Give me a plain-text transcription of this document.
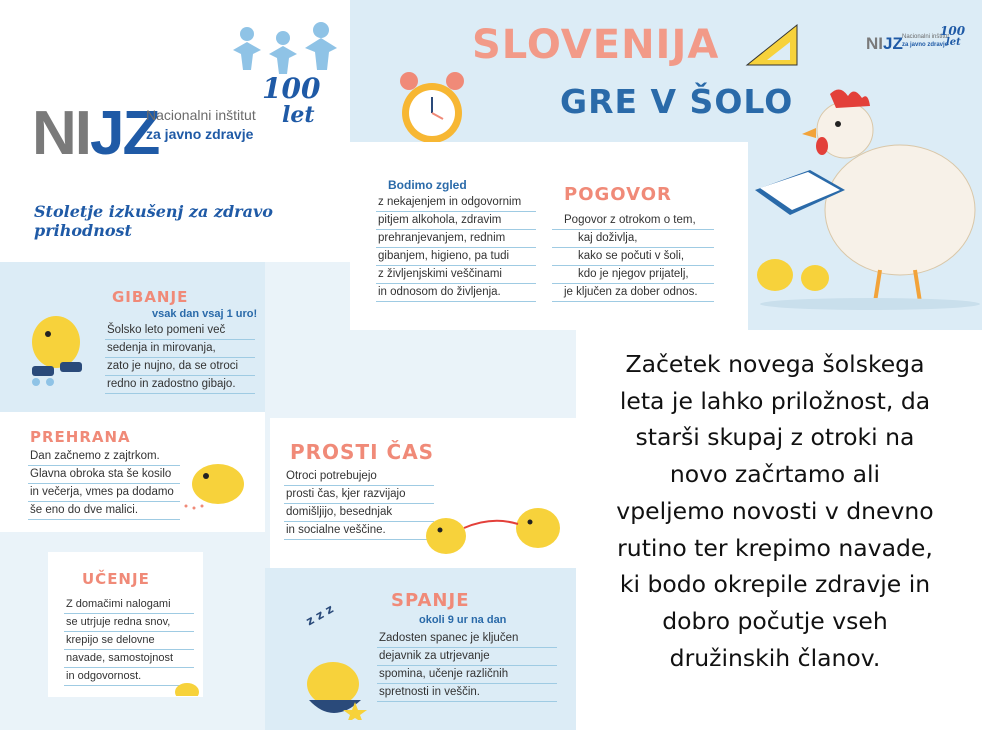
100
let
NIJZ
Nacionalni inštitut
za javno zdravje
Stoletje izkušenj za zdravo prihodnost
SLOVENIJA
GRE V ŠOLO
NIJZ Nacionalni inštitut
za javno zdravje
100
let
Bodimo zgled
z nekajenjem in odgovornim
pitjem alkohola, zdravim
prehranjevanjem, rednim
gibanjem, higieno, pa tudi
z življenjskimi veščinami
in odnosom do življenja.
POGOVOR
Pogovor z otrokom o tem,
kaj doživlja,
kako se počuti v šoli,
kdo je njegov prijatelj,
je ključen za dober odnos.
GIBANJE
vsak dan vsaj 1 uro!
Šolsko leto pomeni več
sedenja in mirovanja,
zato je nujno, da se otroci
redno in zadostno gibajo.
PREHRANA
Dan začnemo z zajtrkom.
Glavna obroka sta še kosilo
in večerja, vmes pa dodamo
še eno do dve malici.
UČENJE
Z domačimi nalogami
se utrjuje redna snov,
krepijo se delovne
navade, samostojnost
in odgovornost.
PROSTI ČAS
Otroci potrebujejo
prosti čas, kjer razvijajo
domišljijo, besednjak
in socialne veščine.
z z z
SPANJE
okoli 9 ur na dan
Zadosten spanec je ključen
dejavnik za utrjevanje
spomina, učenje različnih
spretnosti in veščin.
Začetek novega šolskega
leta je lahko priložnost, da
starši skupaj z otroki na
novo začrtamo ali
vpeljemo novosti v dnevno
rutino ter krepimo navade,
ki bodo okrepile zdravje in
dobro počutje vseh
družinskih članov.
